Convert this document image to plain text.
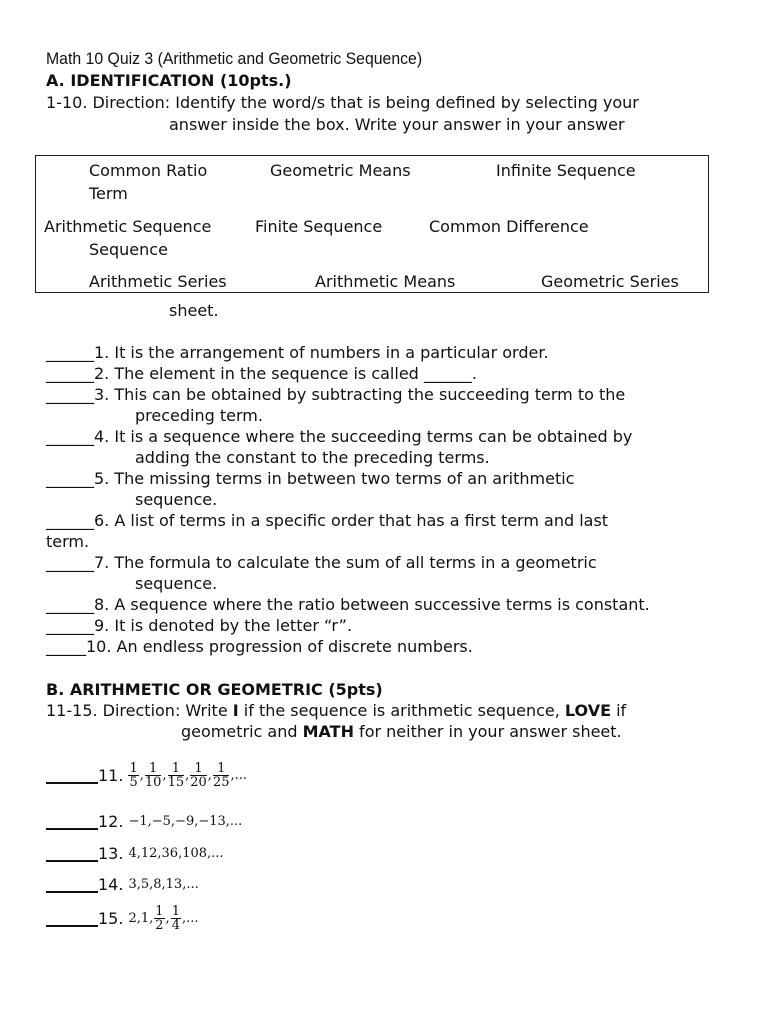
Math 10 Quiz 3 (Arithmetic and Geometric Sequence)
A. IDENTIFICATION (10pts.)
1-10. Direction: Identify the word/s that is being defined by selecting your
answer inside the box. Write your answer in your answer
Common Ratio	Geometric Means	Infinite Sequence
Term
Arithmetic Sequence	Finite Sequence	Common Difference
Sequence
Arithmetic Series	Arithmetic Means	Geometric Series
sheet.
______1. It is the arrangement of numbers in a particular order.
______2. The element in the sequence is called ______.
______3. This can be obtained by subtracting the succeeding term to the
preceding term.
______4. It is a sequence where the succeeding terms can be obtained by
adding the constant to the preceding terms.
______5. The missing terms in between two terms of an arithmetic
sequence.
______6. A list of terms in a specific order that has a first term and last
term.
______7. The formula to calculate the sum of all terms in a geometric
sequence.
______8. A sequence where the ratio between successive terms is constant.
______9. It is denoted by the letter “r”.
_____10. An endless progression of discrete numbers.
B. ARITHMETIC OR GEOMETRIC (5pts)
11-15. Direction: Write I if the sequence is arithmetic sequence, LOVE if
geometric and MATH for neither in your answer sheet.
11. $\frac{1}{5}$ , $\frac{1}{10}$ , $\frac{1}{15}$ , $\frac{1}{20}$ , $\frac{1}{25}$ ,...
12. −1,−5,−9,−13,...
13. 4,12,36,108,...
14. 3,5,8,13,...
15. 2,1, $\frac{1}{2}$ , $\frac{1}{4}$ ,...
